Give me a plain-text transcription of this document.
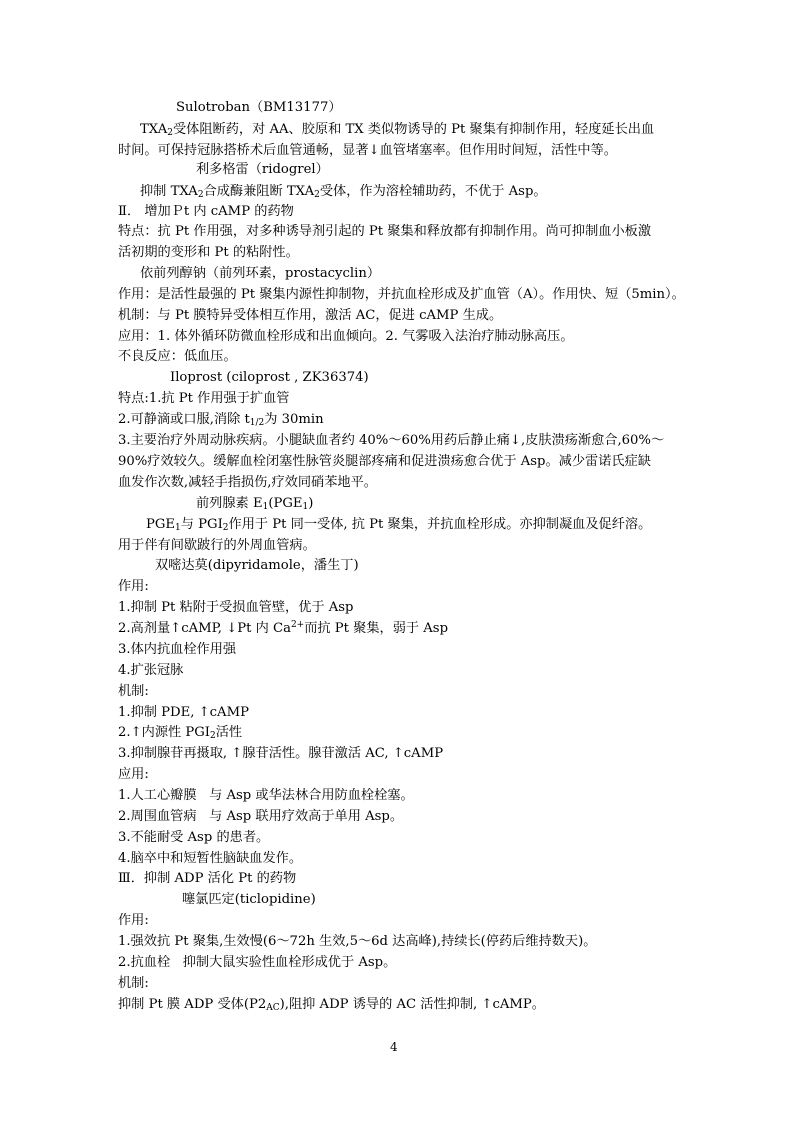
Sulotroban（BM13177）
$TXA_2$受体阻断药，对 AA、胶原和 TX 类似物诱导的 Pt 聚集有抑制作用，轻度延长出血
时间。可保持冠脉搭桥术后血管通畅，显著↓血管堵塞率。但作用时间短，活性中等。
利多格雷（ridogrel）
抑制 $TXA_2$合成酶兼阻断 $TXA_2$受体，作为溶栓辅助药，不优于 Asp。
Ⅱ． 增加Ｐt 内 cAMP 的药物
特点：抗 Pt 作用强，对多种诱导剂引起的 Pt 聚集和释放都有抑制作用。尚可抑制血小板激
活初期的变形和 Pt 的粘附性。
依前列醇钠（前列环素，prostacyclin）
作用：是活性最强的 Pt 聚集内源性抑制物，并抗血栓形成及扩血管（A）。作用快、短（5min）。
机制：与 Pt 膜特异受体相互作用，激活 AC，促进 cAMP 生成。
应用：1. 体外循环防微血栓形成和出血倾向。2. 气雾吸入法治疗肺动脉高压。
不良反应：低血压。
Iloprost (ciloprost , ZK36374)
特点:1.抗 Pt 作用强于扩血管
2.可静滴或口服,消除 $t_{1/2}$为 30min
3.主要治疗外周动脉疾病。小腿缺血者约 40%～60%用药后静止痛↓,皮肤溃疡渐愈合,60%～
90%疗效较久。缓解血栓闭塞性脉管炎腿部疼痛和促进溃疡愈合优于 Asp。减少雷诺氏症缺
血发作次数,减轻手指损伤,疗效同硝苯地平。
前列腺素 $E_1(PGE_1)$
$PGE_1$与 $PGI_2$作用于 Pt 同一受体, 抗 Pt 聚集，并抗血栓形成。亦抑制凝血及促纤溶。
用于伴有间歇跛行的外周血管病。
双嘧达莫(dipyridamole，潘生丁)
作用:
1.抑制 Pt 粘附于受损血管壁，优于 Asp
2.高剂量↑cAMP, ↓Pt 内 $Ca^{2+}$而抗 Pt 聚集，弱于 Asp
3.体内抗血栓作用强
4.扩张冠脉
机制:
1.抑制 PDE, ↑cAMP
2.↑内源性 $PGI_2$活性
3.抑制腺苷再摄取, ↑腺苷活性。腺苷激活 AC, ↑cAMP
应用:
1.人工心瓣膜   与 Asp 或华法林合用防血栓栓塞。
2.周围血管病   与 Asp 联用疗效高于单用 Asp。
3.不能耐受 Asp 的患者。
4.脑卒中和短暂性脑缺血发作。
Ⅲ．抑制 ADP 活化 Pt 的药物
噻氯匹定(ticlopidine)
作用:
1.强效抗 Pt 聚集,生效慢(6～72h 生效,5～6d 达高峰),持续长(停药后维持数天)。
2.抗血栓   抑制大鼠实验性血栓形成优于 Asp。
机制:
抑制 Pt 膜 ADP 受体$(P2_{AC})$,阻抑 ADP 诱导的 AC 活性抑制, ↑cAMP。
4
